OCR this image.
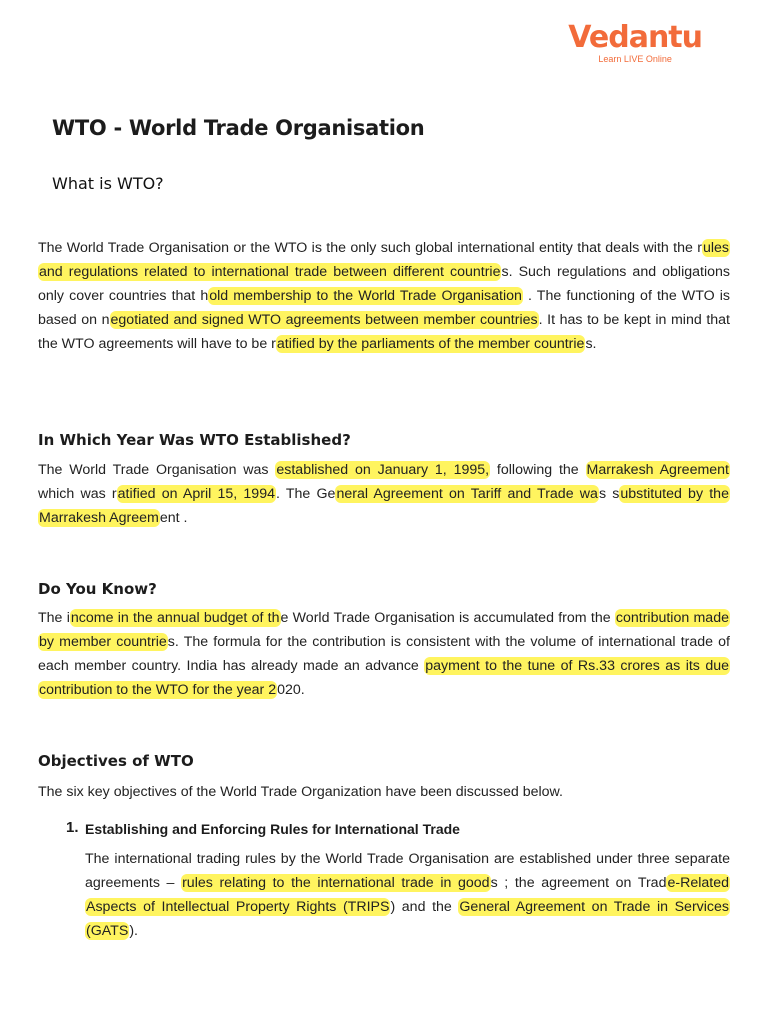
Vedantu
Learn LIVE Online
WTO - World Trade Organisation
What is WTO?

The World Trade Organisation or the WTO is the only such global international entity that deals with the rules and regulations related to international trade between different countries. Such regulations and obligations only cover countries that hold membership to the World Trade Organisation . The functioning of the WTO is based on negotiated and signed WTO agreements between member countries. It has to be kept in mind that the WTO agreements will have to be ratified by the parliaments of the member countries.

In Which Year Was WTO Established?

The World Trade Organisation was established on January 1, 1995, following the Marrakesh Agreement which was ratified on April 15, 1994. The General Agreement on Tariff and Trade was substituted by the Marrakesh Agreement .

Do You Know?

The income in the annual budget of the World Trade Organisation is accumulated from the contribution made by member countries. The formula for the contribution is consistent with the volume of international trade of each member country. India has already made an advance payment to the tune of Rs.33 crores as its due contribution to the WTO for the year 2020.

Objectives of WTO

The six key objectives of the World Trade Organization have been discussed below.

1. Establishing and Enforcing Rules for International Trade

The international trading rules by the World Trade Organisation are established under three separate agreements – rules relating to the international trade in goods ; the agreement on Trade-Related Aspects of Intellectual Property Rights (TRIPS) and the General Agreement on Trade in Services (GATS).
